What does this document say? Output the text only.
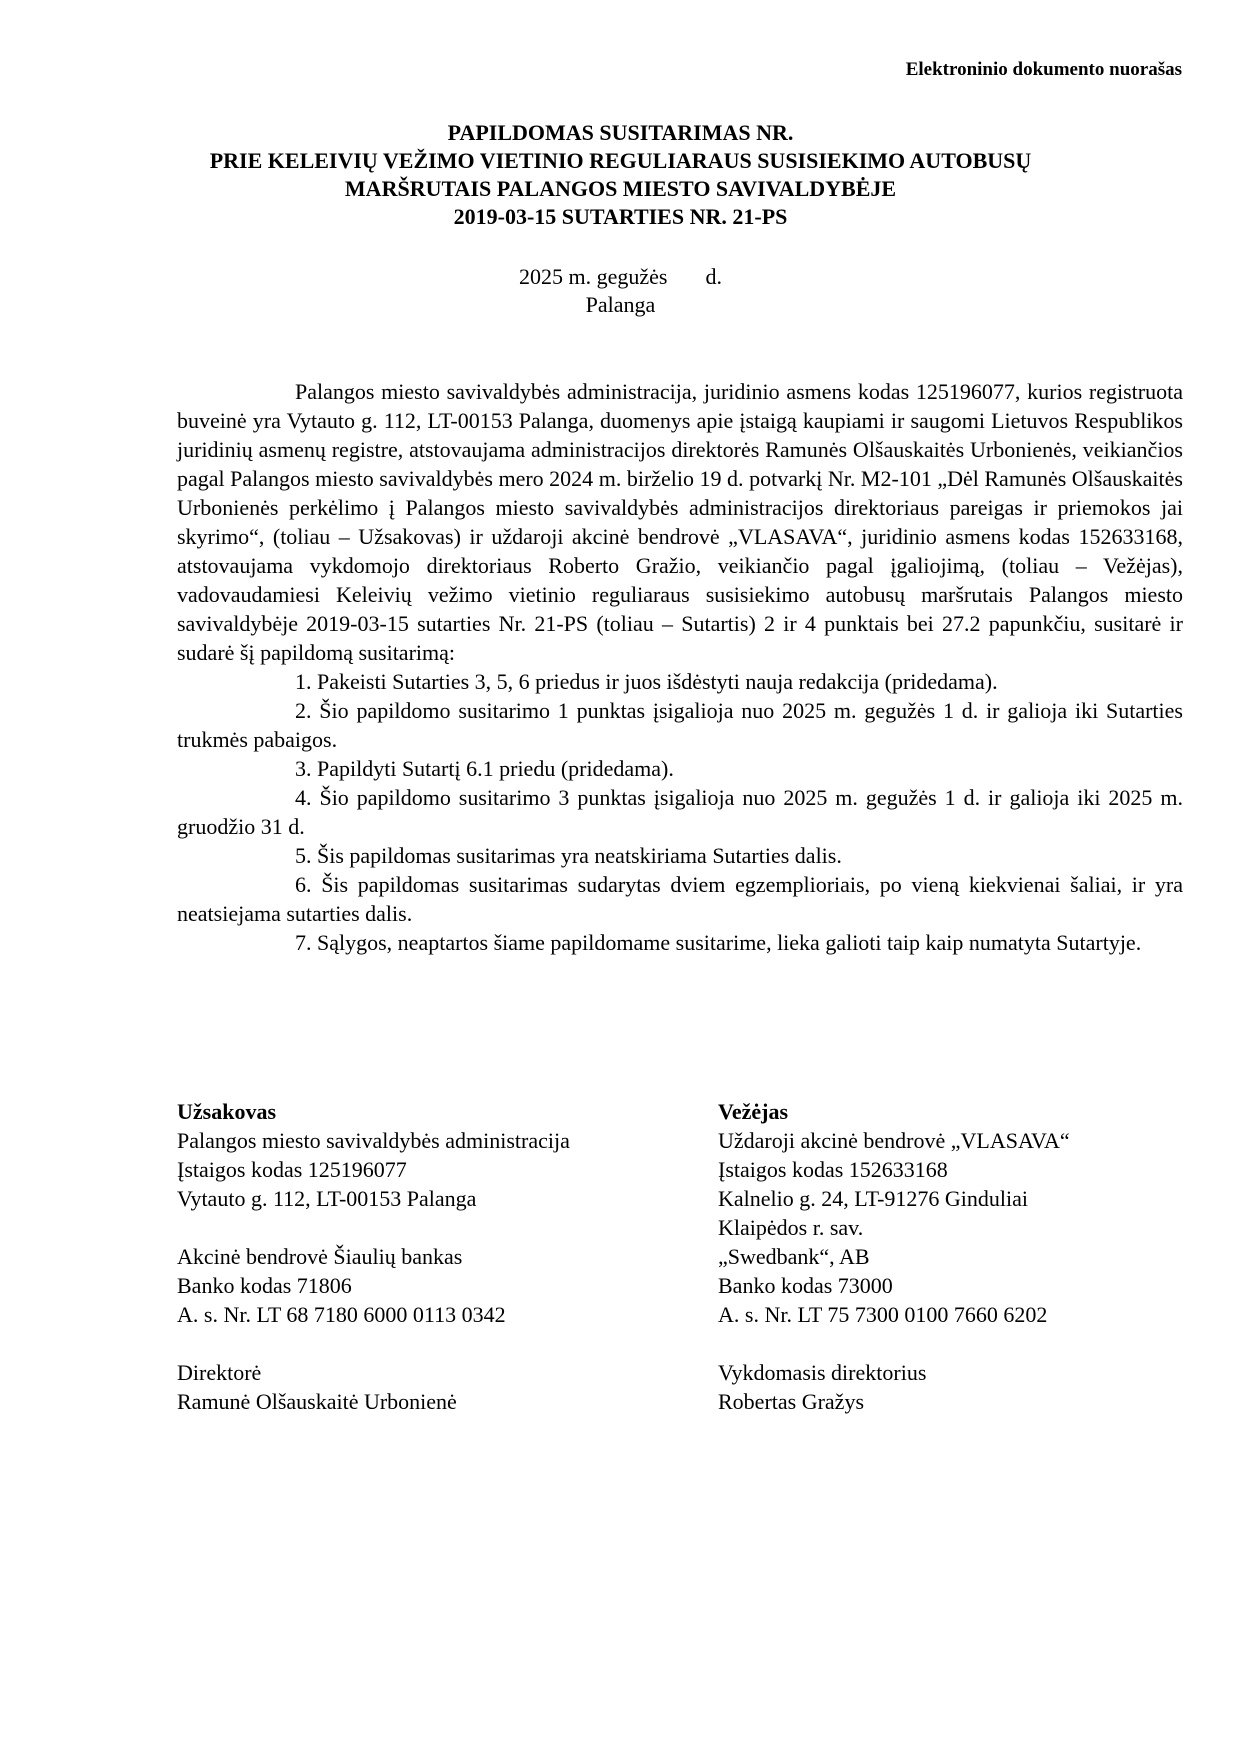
Elektroninio dokumento nuorašas
PAPILDOMAS SUSITARIMAS NR.
PRIE KELEIVIŲ VEŽIMO VIETINIO REGULIARAUS SUSISIEKIMO AUTOBUSŲ
MARŠRUTAIS PALANGOS MIESTO SAVIVALDYBĖJE
2019-03-15 SUTARTIES NR. 21-PS
2025 m. gegužės d.
Palanga

Palangos miesto savivaldybės administracija, juridinio asmens kodas 125196077, kurios registruota buveinė yra Vytauto g. 112, LT-00153 Palanga, duomenys apie įstaigą kaupiami ir saugomi Lietuvos Respublikos juridinių asmenų registre, atstovaujama administracijos direktorės Ramunės Olšauskaitės Urbonienės, veikiančios pagal Palangos miesto savivaldybės mero 2024 m. birželio 19 d. potvarkį Nr. M2-101 „Dėl Ramunės Olšauskaitės Urbonienės perkėlimo į Palangos miesto savivaldybės administracijos direktoriaus pareigas ir priemokos jai skyrimo“, (toliau – Užsakovas) ir uždaroji akcinė bendrovė „VLASAVA“, juridinio asmens kodas 152633168, atstovaujama vykdomojo direktoriaus Roberto Gražio, veikiančio pagal įgaliojimą, (toliau – Vežėjas), vadovaudamiesi Keleivių vežimo vietinio reguliaraus susisiekimo autobusų maršrutais Palangos miesto savivaldybėje 2019-03-15 sutarties Nr. 21-PS (toliau – Sutartis) 2 ir 4 punktais bei 27.2 papunkčiu, susitarė ir sudarė šį papildomą susitarimą:

1. Pakeisti Sutarties 3, 5, 6 priedus ir juos išdėstyti nauja redakcija (pridedama).

2. Šio papildomo susitarimo 1 punktas įsigalioja nuo 2025 m. gegužės 1 d. ir galioja iki Sutarties trukmės pabaigos.

3. Papildyti Sutartį 6.1 priedu (pridedama).

4. Šio papildomo susitarimo 3 punktas įsigalioja nuo 2025 m. gegužės 1 d. ir galioja iki 2025 m. gruodžio 31 d.

5. Šis papildomas susitarimas yra neatskiriama Sutarties dalis.

6. Šis papildomas susitarimas sudarytas dviem egzemplioriais, po vieną kiekvienai šaliai, ir yra neatsiejama sutarties dalis.

7. Sąlygos, neaptartos šiame papildomame susitarime, lieka galioti taip kaip numatyta Sutartyje.

Užsakovas
Palangos miesto savivaldybės administracija
Įstaigos kodas 125196077
Vytauto g. 112, LT-00153 Palanga
Akcinė bendrovė Šiaulių bankas
Banko kodas 71806
A. s. Nr. LT 68 7180 6000 0113 0342
Direktorė
Ramunė Olšauskaitė Urbonienė
Vežėjas
Uždaroji akcinė bendrovė „VLASAVA“
Įstaigos kodas 152633168
Kalnelio g. 24, LT-91276 Ginduliai
Klaipėdos r. sav.
„Swedbank“, AB
Banko kodas 73000
A. s. Nr. LT 75 7300 0100 7660 6202
Vykdomasis direktorius
Robertas Gražys
